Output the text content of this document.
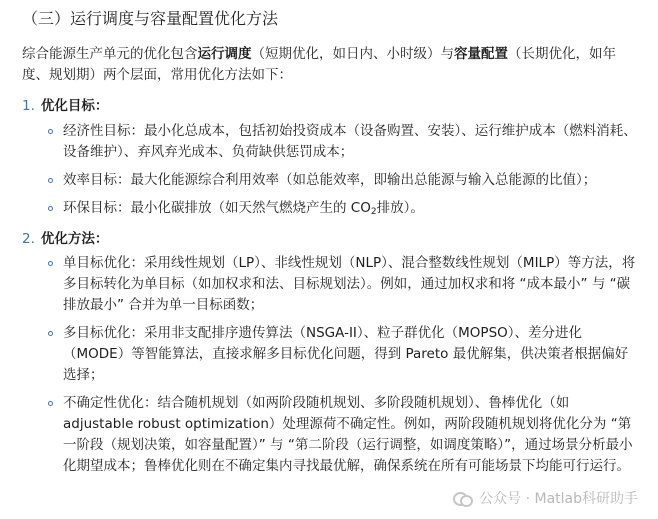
（三）运行调度与容量配置优化方法
综合能源生产单元的优化包含运行调度（短期优化，如日内、小时级）与容量配置（长期优化，如年度、规划期）两个层面，常用优化方法如下：
1. 优化目标：
经济性目标：最小化总成本，包括初始投资成本（设备购置、安装）、运行维护成本（燃料消耗、设备维护）、弃风弃光成本、负荷缺供惩罚成本；
效率目标：最大化能源综合利用效率（如总能效率，即输出总能源与输入总能源的比值）；
环保目标：最小化碳排放（如天然气燃烧产生的 $CO_2$排放）。
2. 优化方法：
单目标优化：采用线性规划（LP）、非线性规划（NLP）、混合整数线性规划（MILP）等方法，将多目标转化为单目标（如加权求和法、目标规划法）。例如，通过加权求和将 “成本最小” 与 “碳排放最小” 合并为单一目标函数；
多目标优化：采用非支配排序遗传算法（NSGA-II）、粒子群优化（MOPSO）、差分进化（MODE）等智能算法，直接求解多目标优化问题，得到 Pareto 最优解集，供决策者根据偏好选择；
不确定性优化：结合随机规划（如两阶段随机规划、多阶段随机规划）、鲁棒优化（如 adjustable robust optimization）处理源荷不确定性。例如，两阶段随机规划将优化分为 “第一阶段（规划决策，如容量配置）” 与 “第二阶段（运行调整，如调度策略）”，通过场景分析最小化期望成本；鲁棒优化则在不确定集内寻找最优解，确保系统在所有可能场景下均能可行运行。
公众号 · Matlab科研助手
